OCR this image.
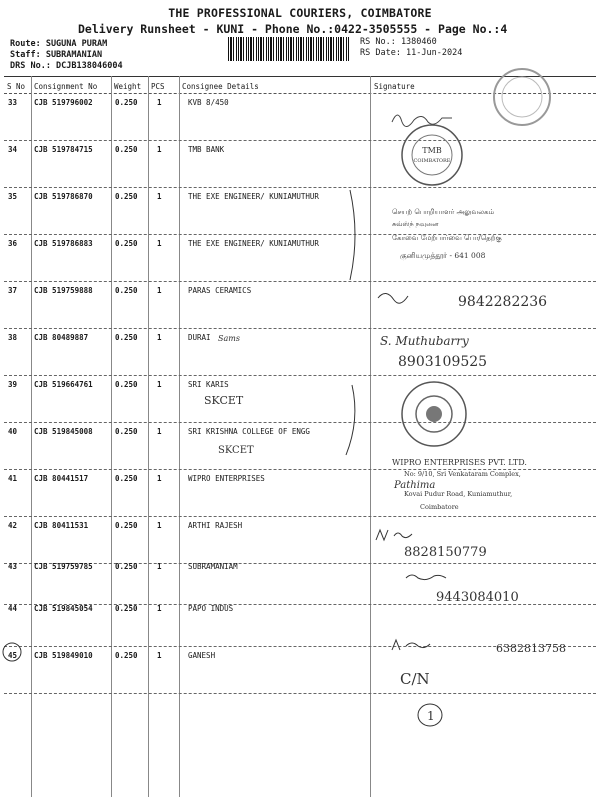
THE PROFESSIONAL COURIERS, COIMBATORE
Delivery Runsheet - KUNI - Phone No.:0422-3505555 - Page No.:4
Route: SUGUNA PURAM
Staff: SUBRAMANIAN
DRS No.: DCJB138046004
RS No.: 1380460
RS Date: 11-Jun-2024
S No Consignment No Weight PCS Consignee Details	Signature
33 CJB 519796002	0.250	1	KVB 8/450
34 CJB 519784715	0.250	1	TMB BANK
35 CJB 519786870	0.250	1	THE EXE ENGINEER/ KUNIAMUTHUR
36 CJB 519786883	0.250	1	THE EXE ENGINEER/ KUNIAMUTHUR
37 CJB 519759888	0.250	1	PARAS CERAMICS
38 CJB 80489887	0.250	1	DURAI
39 CJB 519664761	0.250	1	SRI KARIS
40 CJB 519845008	0.250	1	SRI KRISHNA COLLEGE OF ENGG
41 CJB 80441517	0.250	1	WIPRO ENTERPRISES
42 CJB 80411531	0.250	1	ARTHI RAJESH
43 CJB 519759785	0.250	1	SUBRAMANIAM
44 CJB 519845054	0.250	1	PAPO INDUS
45 CJB 519849010	0.250	1	GANESH
TMB
COIMBATORE
செயற் பொறியாளர் அலுவலகம்
கோவை மேற்பார்வை பொ/தெற்கு
குனியமுத்தூர் - 641 008
சுவ்ஸ்ந் நவுனை
9842282236
Sams	S. Muthubarry
8903109525
SKCET
SKCET
WIPRO ENTERPRISES PVT. LTD.
No: 9/10, Sri Venkataram Complex,
Kovai Pudur Road, Kuniamuthur,
Coimbatore
Pathima
8828150779
9443084010
6382813758
C/N
1
